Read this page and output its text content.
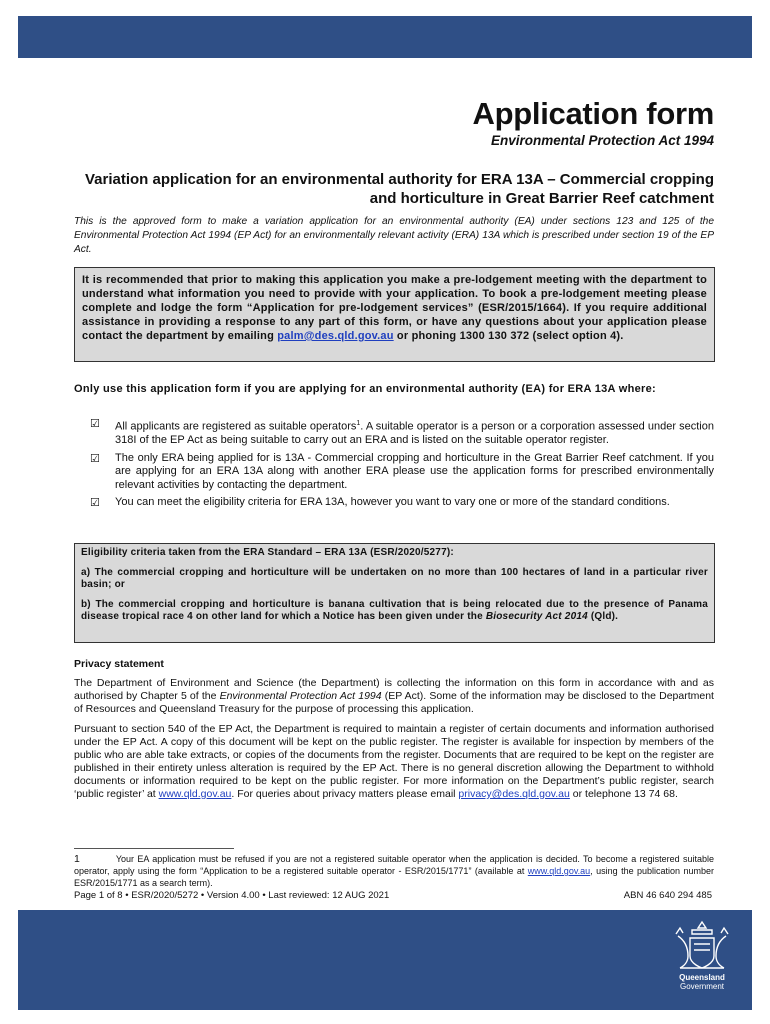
Application form
Environmental Protection Act 1994
Variation application for an environmental authority for ERA 13A – Commercial cropping and horticulture in Great Barrier Reef catchment
This is the approved form to make a variation application for an environmental authority (EA) under sections 123 and 125 of the Environmental Protection Act 1994 (EP Act) for an environmentally relevant activity (ERA) 13A which is prescribed under section 19 of the EP Act.
It is recommended that prior to making this application you make a pre-lodgement meeting with the department to understand what information you need to provide with your application. To book a pre-lodgement meeting please complete and lodge the form “Application for pre-lodgement services” (ESR/2015/1664). If you require additional assistance in providing a response to any part of this form, or have any questions about your application please contact the department by emailing palm@des.qld.gov.au or phoning 1300 130 372 (select option 4).
Only use this application form if you are applying for an environmental authority (EA) for ERA 13A where:
☑	All applicants are registered as suitable operators$^1$. A suitable operator is a person or a corporation assessed under section 318I of the EP Act as being suitable to carry out an ERA and is listed on the suitable operator register.
☑	The only ERA being applied for is 13A - Commercial cropping and horticulture in the Great Barrier Reef catchment. If you are applying for an ERA 13A along with another ERA please use the application forms for prescribed environmentally relevant activities by contacting the department.
☑	You can meet the eligibility criteria for ERA 13A, however you want to vary one or more of the standard conditions.
Eligibility criteria taken from the ERA Standard – ERA 13A (ESR/2020/5277):
a) The commercial cropping and horticulture will be undertaken on no more than 100 hectares of land in a particular river basin; or
b) The commercial cropping and horticulture is banana cultivation that is being relocated due to the presence of Panama disease tropical race 4 on other land for which a Notice has been given under the Biosecurity Act 2014 (Qld).
Privacy statement
The Department of Environment and Science (the Department) is collecting the information on this form in accordance with and as authorised by Chapter 5 of the Environmental Protection Act 1994 (EP Act). Some of the information may be disclosed to the Department of Resources and Queensland Treasury for the purpose of processing this application.
Pursuant to section 540 of the EP Act, the Department is required to maintain a register of certain documents and information authorised under the EP Act. A copy of this document will be kept on the public register. The register is available for inspection by members of the public who are able take extracts, or copies of the documents from the register. Documents that are required to be kept on the register are published in their entirety unless alteration is required by the EP Act. There is no general discretion allowing the Department to withhold documents or information required to be kept on the public register. For more information on the Department’s public register, search ‘public register’ at www.qld.gov.au. For queries about privacy matters please email privacy@des.qld.gov.au or telephone 13 74 68.
1	Your EA application must be refused if you are not a registered suitable operator when the application is decided. To become a registered suitable operator, apply using the form “Application to be a registered suitable operator - ESR/2015/1771” (available at www.qld.gov.au, using the publication number ESR/2015/1771 as a search term).
Page 1 of 8 • ESR/2020/5272 • Version 4.00 • Last reviewed: 12 AUG 2021	ABN 46 640 294 485
Queensland
Government
